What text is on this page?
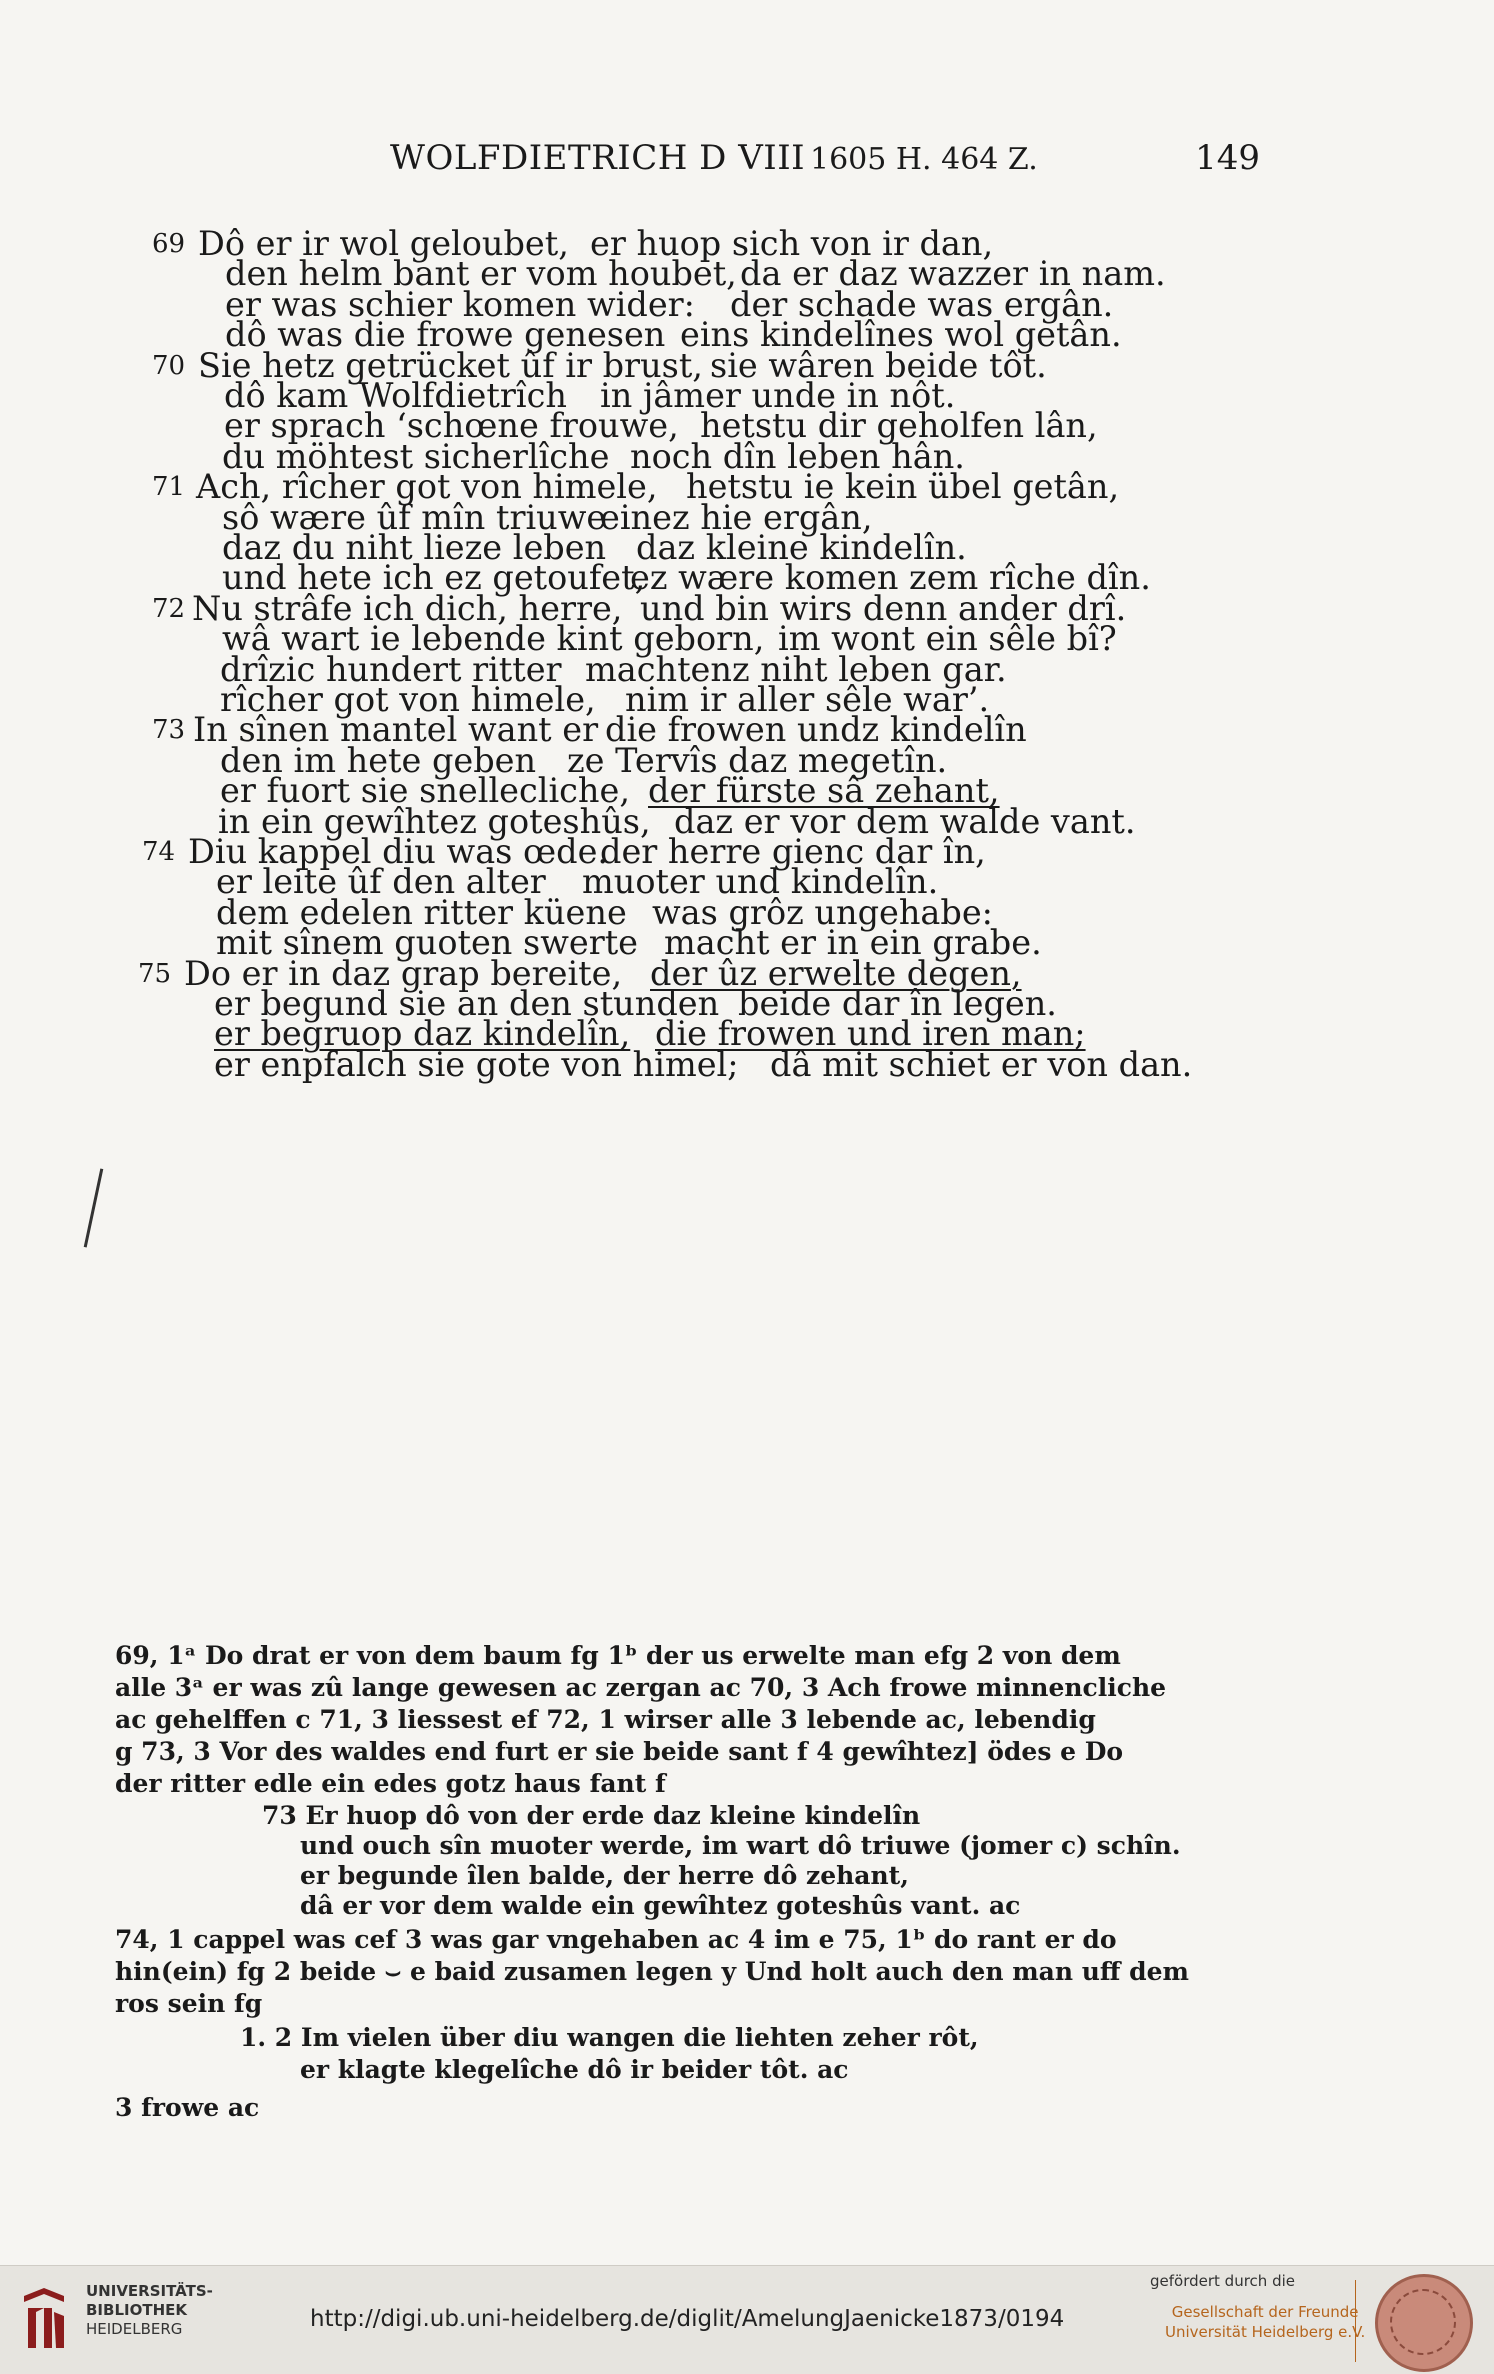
WOLFDIETRICH D VIII 1605 H. 464 Z.	149
69 Dô er ir wol geloubet, er huop sich von ir dan,
den helm bant er vom houbet, da er daz wazzer in nam.
er was schier komen wider: der schade was ergân.
dô was die frowe genesen eins kindelînes wol getân.
70 Sie hetz getrücket ûf ir brust, sie wâren beide tôt.
dô kam Wolfdietrîch in jâmer unde in nôt.
er sprach ‘schœne frouwe, hetstu dir geholfen lân,
du möhtest sicherlîche noch dîn leben hân.
71 Ach, rîcher got von himele, hetstu ie kein übel getân,
sô wære ûf mîn triuwe
einez hie ergân,
daz du niht lieze leben daz kleine kindelîn.
und hete ich ez getoufet,
ez wære komen zem rîche dîn.
72 Nu strâfe ich dich, herre, und bin wirs denn ander drî.
wâ wart ie lebende kint geborn, im wont ein sêle bî?
drîzic hundert ritter machtenz niht leben gar.
rîcher got von himele, nim ir aller sêle war’.
73 In sînen mantel want er die frowen undz kindelîn
den im hete geben ze Tervîs daz megetîn.
er fuort sie snellecliche, der fürste sâ zehant,
in ein gewîhtez goteshûs, daz er vor dem walde vant.
74 Diu kappel diu was œde.
der herre gienc dar în,
er leite ûf den alter muoter und kindelîn.
dem edelen ritter küene was grôz ungehabe:
mit sînem guoten swerte macht er in ein grabe.
75 Do er in daz grap bereite, der ûz erwelte degen,
er begund sie an den stunden beide dar în legen.
er begruop daz kindelîn, die frowen und iren man;
er enpfalch sie gote von himel; dâ mit schiet er von dan.
69, 1ᵃ Do drat er von dem baum fg 1ᵇ der us erwelte man efg 2 von dem
alle 3ᵃ er was zû lange gewesen ac zergan ac 70, 3 Ach frowe minnencliche
ac gehelffen c 71, 3 liessest ef 72, 1 wirser alle 3 lebende ac, lebendig
g 73, 3 Vor des waldes end furt er sie beide sant f 4 gewîhtez] ödes e Do
der ritter edle ein edes gotz haus fant f
73 Er huop dô von der erde daz kleine kindelîn
und ouch sîn muoter werde, im wart dô triuwe (jomer c) schîn.
er begunde îlen balde, der herre dô zehant,
dâ er vor dem walde ein gewîhtez goteshûs vant. ac
74, 1 cappel was cef 3 was gar vngehaben ac 4 im e 75, 1ᵇ do rant er do
hin(ein) fg 2 beide ⌣ e baid zusamen legen y Und holt auch den man uff dem
ros sein fg
1. 2 Im vielen über diu wangen die liehten zeher rôt,
er klagte klegelîche dô ir beider tôt. ac
3 frowe ac
UNIVERSITÄTS-
BIBLIOTHEK
HEIDELBERG	http://digi.ub.uni-heidelberg.de/diglit/AmelungJaenicke1873/0194
gefördert durch die
Gesellschaft der Freunde
Universität Heidelberg e.V.
